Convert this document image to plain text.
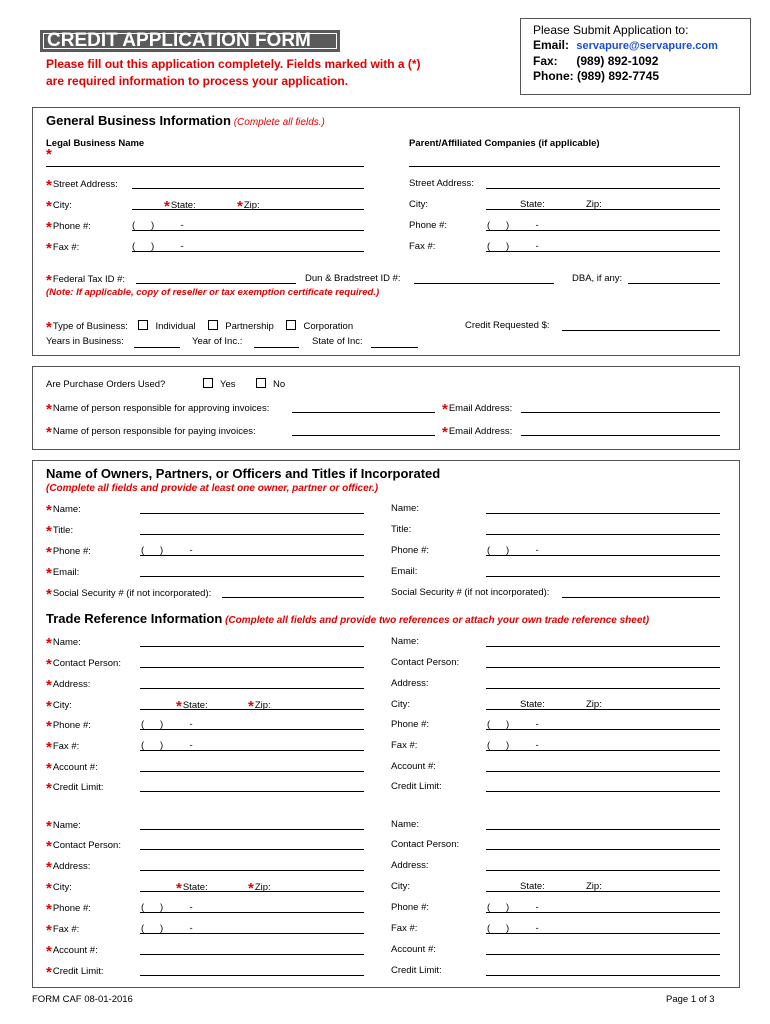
CREDIT APPLICATION FORM
Please fill out this application completely. Fields marked with a (*)
are required information to process your application.
Please Submit Application to:
Email: servapure@servapure.com
Fax: (989) 892-1092
Phone: (989) 892-7745
General Business Information (Complete all fields.)
Legal Business Name
*
Parent/Affiliated Companies (if applicable)
*Street Address:	Street Address:
*City:	*State:	*Zip:	City:	State:	Zip:
*Phone #:	(      )          -	Phone #:	(      )          -
*Fax #:	(      )          -	Fax #:	(      )          -
*Federal Tax ID #:	Dun & Bradstreet ID #:	DBA, if any:
(Note: If applicable, copy of reseller or tax exemption certificate required.)
*Type of Business:	Individual	Partnership	Corporation	Credit Requested $:
Years in Business:	Year of Inc.:	State of Inc:
Are Purchase Orders Used?	Yes	No
*Name of person responsible for approving invoices:	*Email Address:
*Name of person responsible for paying invoices:	*Email Address:
Name of Owners, Partners, or Officers and Titles if Incorporated
(Complete all fields and provide at least one owner, partner or officer.)
*Name:	Name:
*Title:	Title:
*Phone #:	(      )          -	Phone #:	(      )          -
*Email:	Email:
*Social Security # (if not incorporated):	Social Security # (if not incorporated):
Trade Reference Information (Complete all fields and provide two references or attach your own trade reference sheet)
*Name:	Name:
*Contact Person:	Contact Person:
*Address:	Address:
*City:	*State:	*Zip:	City:	State:	Zip:
*Phone #:	(      )          -	Phone #:	(      )          -
*Fax #:	(      )          -	Fax #:	(      )          -
*Account #:	Account #:
*Credit Limit:	Credit Limit:
*Name:	Name:
*Contact Person:	Contact Person:
*Address:	Address:
*City:	*State:	*Zip:	City:	State:	Zip:
*Phone #:	(      )          -	Phone #:	(      )          -
*Fax #:	(      )          -	Fax #:	(      )          -
*Account #:	Account #:
*Credit Limit:	Credit Limit:
FORM CAF 08-01-2016	Page 1 of 3
